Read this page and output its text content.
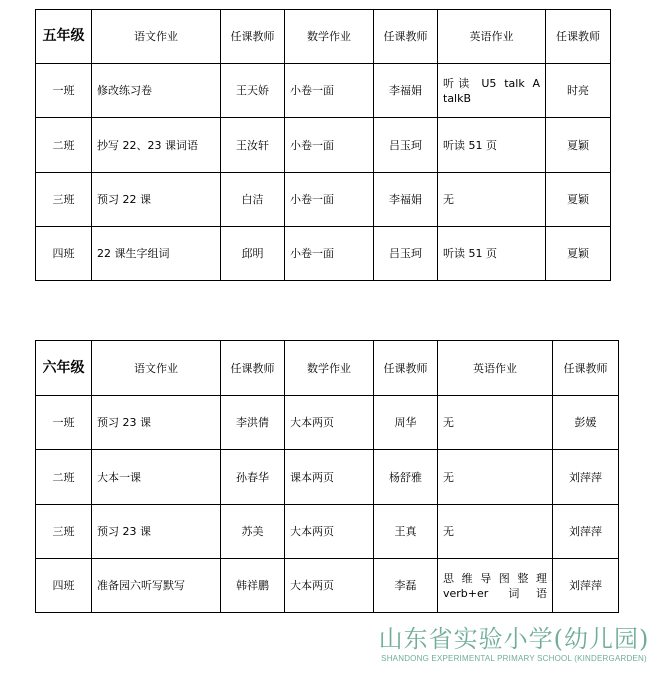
五年级	语文作业	任课教师	数学作业	任课教师	英语作业	任课教师
一班	修改练习卷	王天娇	小卷一面	李福娟	听读 U5 talk A talkB	时亮
二班	抄写 22、23 课词语	王汝轩	小卷一面	吕玉珂	听读 51 页	夏颖
三班	预习 22 课	白洁	小卷一面	李福娟	无	夏颖
四班	22 课生字组词	邱明	小卷一面	吕玉珂	听读 51 页	夏颖
六年级	语文作业	任课教师	数学作业	任课教师	英语作业	任课教师
一班	预习 23 课	李洪倩	大本两页	周华	无	彭媛
二班	大本一课	孙春华	课本两页	杨舒雅	无	刘萍萍
三班	预习 23 课	苏美	大本两页	王真	无	刘萍萍
四班	准备园六听写默写	韩祥鹏	大本两页	李磊	思维导图整理 verb+er 词语	刘萍萍
山东省实验小学(幼儿园)
SHANDONG EXPERIMENTAL PRIMARY SCHOOL (KINDERGARDEN)
